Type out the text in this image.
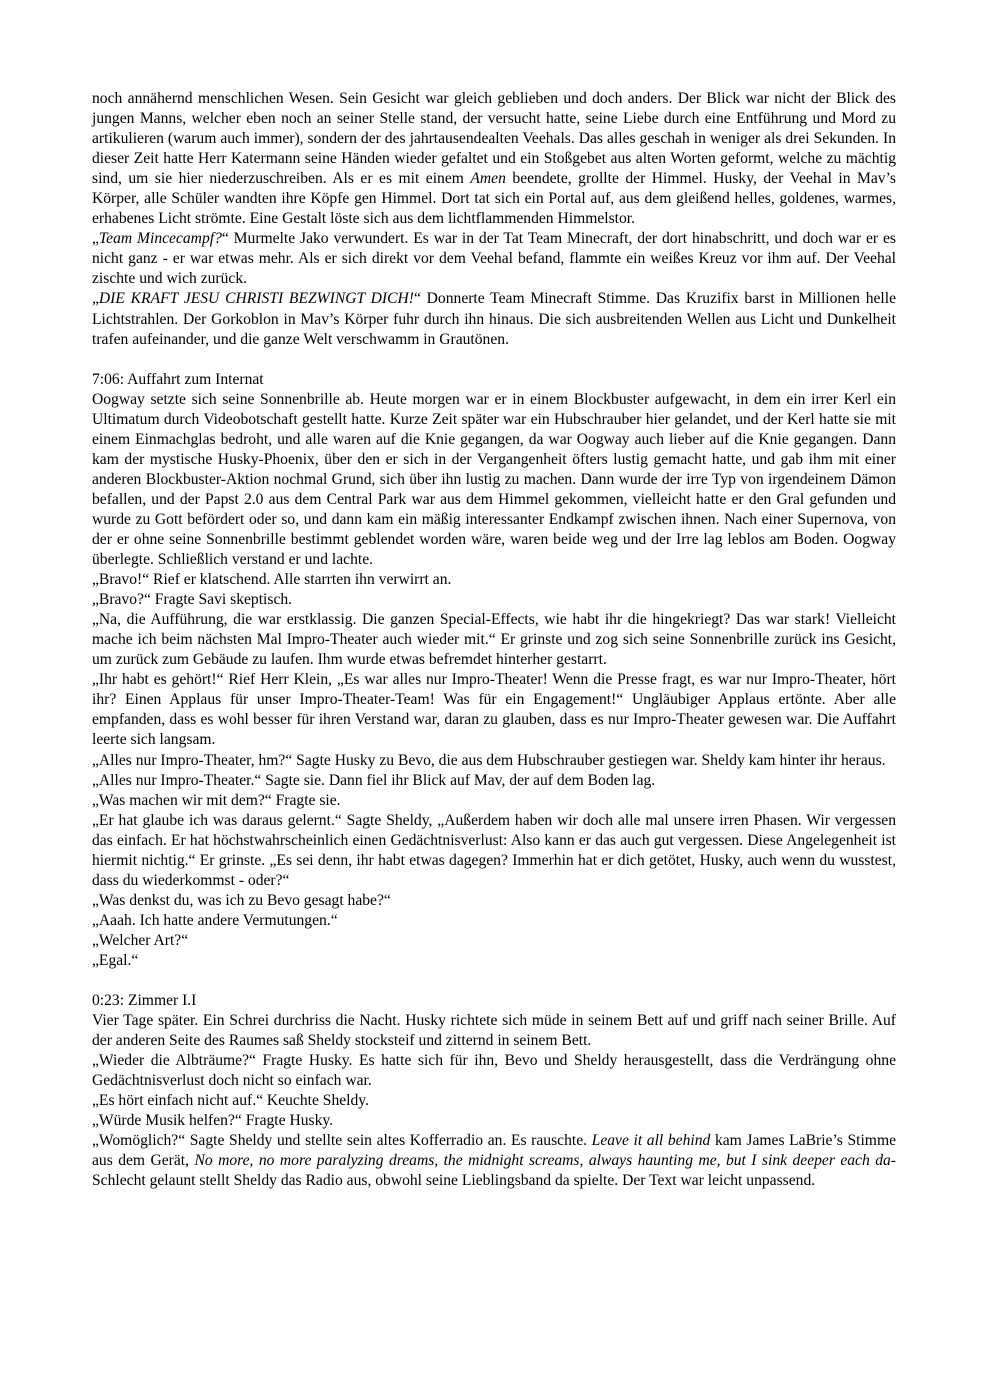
noch annähernd menschlichen Wesen. Sein Gesicht war gleich geblieben und doch anders. Der Blick war nicht der Blick des jungen Manns, welcher eben noch an seiner Stelle stand, der versucht hatte, seine Liebe durch eine Entführung und Mord zu artikulieren (warum auch immer), sondern der des jahrtausendealten Veehals. Das alles geschah in weniger als drei Sekunden. In dieser Zeit hatte Herr Katermann seine Händen wieder gefaltet und ein Stoßgebet aus alten Worten geformt, welche zu mächtig sind, um sie hier niederzuschreiben. Als er es mit einem Amen beendete, grollte der Himmel. Husky, der Veehal in Mav’s Körper, alle Schüler wandten ihre Köpfe gen Himmel. Dort tat sich ein Portal auf, aus dem gleißend helles, goldenes, warmes, erhabenes Licht strömte. Eine Gestalt löste sich aus dem lichtflammenden Himmelstor.

„Team Mincecampf?“ Murmelte Jako verwundert. Es war in der Tat Team Minecraft, der dort hinabschritt, und doch war er es nicht ganz - er war etwas mehr. Als er sich direkt vor dem Veehal befand, flammte ein weißes Kreuz vor ihm auf. Der Veehal zischte und wich zurück.

„DIE KRAFT JESU CHRISTI BEZWINGT DICH!“ Donnerte Team Minecraft Stimme. Das Kruzifix barst in Millionen helle Lichtstrahlen. Der Gorkoblon in Mav’s Körper fuhr durch ihn hinaus. Die sich ausbreitenden Wellen aus Licht und Dunkelheit trafen aufeinander, und die ganze Welt verschwamm in Grautönen.

7:06: Auffahrt zum Internat

Oogway setzte sich seine Sonnenbrille ab. Heute morgen war er in einem Blockbuster aufgewacht, in dem ein irrer Kerl ein Ultimatum durch Videobotschaft gestellt hatte. Kurze Zeit später war ein Hubschrauber hier gelandet, und der Kerl hatte sie mit einem Einmachglas bedroht, und alle waren auf die Knie gegangen, da war Oogway auch lieber auf die Knie gegangen. Dann kam der mystische Husky-Phoenix, über den er sich in der Vergangenheit öfters lustig gemacht hatte, und gab ihm mit einer anderen Blockbuster-Aktion nochmal Grund, sich über ihn lustig zu machen. Dann wurde der irre Typ von irgendeinem Dämon befallen, und der Papst 2.0 aus dem Central Park war aus dem Himmel gekommen, vielleicht hatte er den Gral gefunden und wurde zu Gott befördert oder so, und dann kam ein mäßig interessanter Endkampf zwischen ihnen. Nach einer Supernova, von der er ohne seine Sonnenbrille bestimmt geblendet worden wäre, waren beide weg und der Irre lag leblos am Boden. Oogway überlegte. Schließlich verstand er und lachte.

„Bravo!“ Rief er klatschend. Alle starrten ihn verwirrt an.

„Bravo?“ Fragte Savi skeptisch.

„Na, die Aufführung, die war erstklassig. Die ganzen Special-Effects, wie habt ihr die hingekriegt? Das war stark! Vielleicht mache ich beim nächsten Mal Impro-Theater auch wieder mit.“ Er grinste und zog sich seine Sonnenbrille zurück ins Gesicht, um zurück zum Gebäude zu laufen. Ihm wurde etwas befremdet hinterher gestarrt.

„Ihr habt es gehört!“ Rief Herr Klein, „Es war alles nur Impro-Theater! Wenn die Presse fragt, es war nur Impro-Theater, hört ihr? Einen Applaus für unser Impro-Theater-Team! Was für ein Engagement!“ Ungläubiger Applaus ertönte. Aber alle empfanden, dass es wohl besser für ihren Verstand war, daran zu glauben, dass es nur Impro-Theater gewesen war. Die Auffahrt leerte sich langsam.

„Alles nur Impro-Theater, hm?“ Sagte Husky zu Bevo, die aus dem Hubschrauber gestiegen war. Sheldy kam hinter ihr heraus.

„Alles nur Impro-Theater.“ Sagte sie. Dann fiel ihr Blick auf Mav, der auf dem Boden lag.

„Was machen wir mit dem?“ Fragte sie.

„Er hat glaube ich was daraus gelernt.“ Sagte Sheldy, „Außerdem haben wir doch alle mal unsere irren Phasen. Wir vergessen das einfach. Er hat höchstwahrscheinlich einen Gedächtnisverlust: Also kann er das auch gut vergessen. Diese Angelegenheit ist hiermit nichtig.“ Er grinste. „Es sei denn, ihr habt etwas dagegen? Immerhin hat er dich getötet, Husky, auch wenn du wusstest, dass du wiederkommst - oder?“

„Was denkst du, was ich zu Bevo gesagt habe?“

„Aaah. Ich hatte andere Vermutungen.“

„Welcher Art?“

„Egal.“

0:23: Zimmer I.I

Vier Tage später. Ein Schrei durchriss die Nacht. Husky richtete sich müde in seinem Bett auf und griff nach seiner Brille. Auf der anderen Seite des Raumes saß Sheldy stocksteif und zitternd in seinem Bett.

„Wieder die Albträume?“ Fragte Husky. Es hatte sich für ihn, Bevo und Sheldy herausgestellt, dass die Verdrängung ohne Gedächtnisverlust doch nicht so einfach war.

„Es hört einfach nicht auf.“ Keuchte Sheldy.

„Würde Musik helfen?“ Fragte Husky.

„Womöglich?“ Sagte Sheldy und stellte sein altes Kofferradio an. Es rauschte. Leave it all behind kam James LaBrie’s Stimme aus dem Gerät, No more, no more paralyzing dreams, the midnight screams, always haunting me, but I sink deeper each da- Schlecht gelaunt stellt Sheldy das Radio aus, obwohl seine Lieblingsband da spielte. Der Text war leicht unpassend.
